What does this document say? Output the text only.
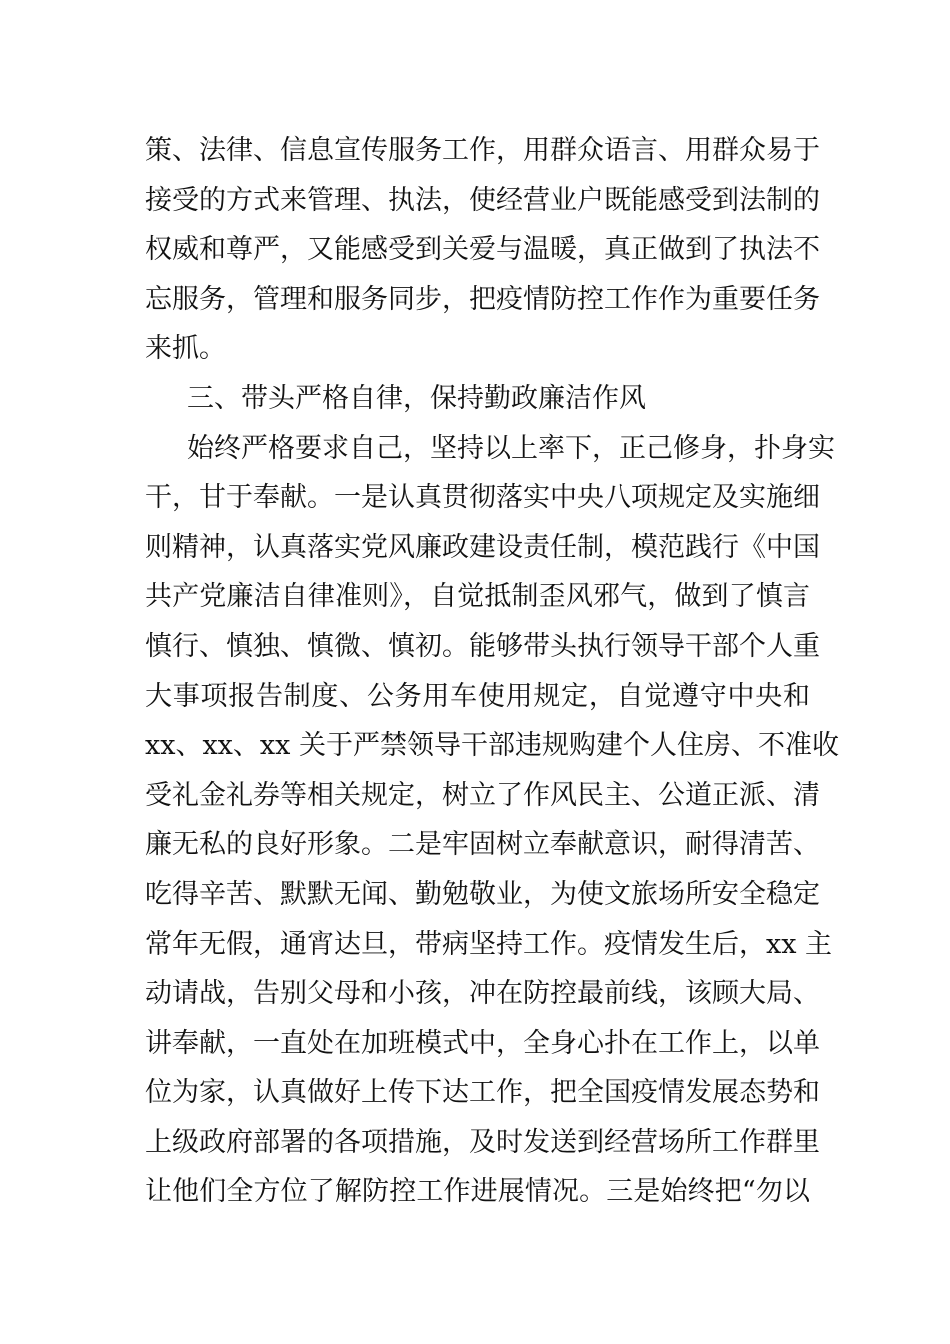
策、法律、信息宣传服务工作，用群众语言、用群众易于
接受的方式来管理、执法，使经营业户既能感受到法制的
权威和尊严，又能感受到关爱与温暖，真正做到了执法不
忘服务，管理和服务同步，把疫情防控工作作为重要任务
来抓。
三、带头严格自律，保持勤政廉洁作风
始终严格要求自己，坚持以上率下，正己修身，扑身实
干，甘于奉献。一是认真贯彻落实中央八项规定及实施细
则精神，认真落实党风廉政建设责任制，模范践行《中国
共产党廉洁自律准则》，自觉抵制歪风邪气，做到了慎言
慎行、慎独、慎微、慎初。能够带头执行领导干部个人重
大事项报告制度、公务用车使用规定，自觉遵守中央和
xx、xx、xx 关于严禁领导干部违规购建个人住房、不准收
受礼金礼券等相关规定，树立了作风民主、公道正派、清
廉无私的良好形象。二是牢固树立奉献意识，耐得清苦、
吃得辛苦、默默无闻、勤勉敬业，为使文旅场所安全稳定
常年无假，通宵达旦，带病坚持工作。疫情发生后，xx 主
动请战，告别父母和小孩，冲在防控最前线，该顾大局、
讲奉献，一直处在加班模式中，全身心扑在工作上，以单
位为家，认真做好上传下达工作，把全国疫情发展态势和
上级政府部署的各项措施，及时发送到经营场所工作群里
让他们全方位了解防控工作进展情况。三是始终把“勿以
